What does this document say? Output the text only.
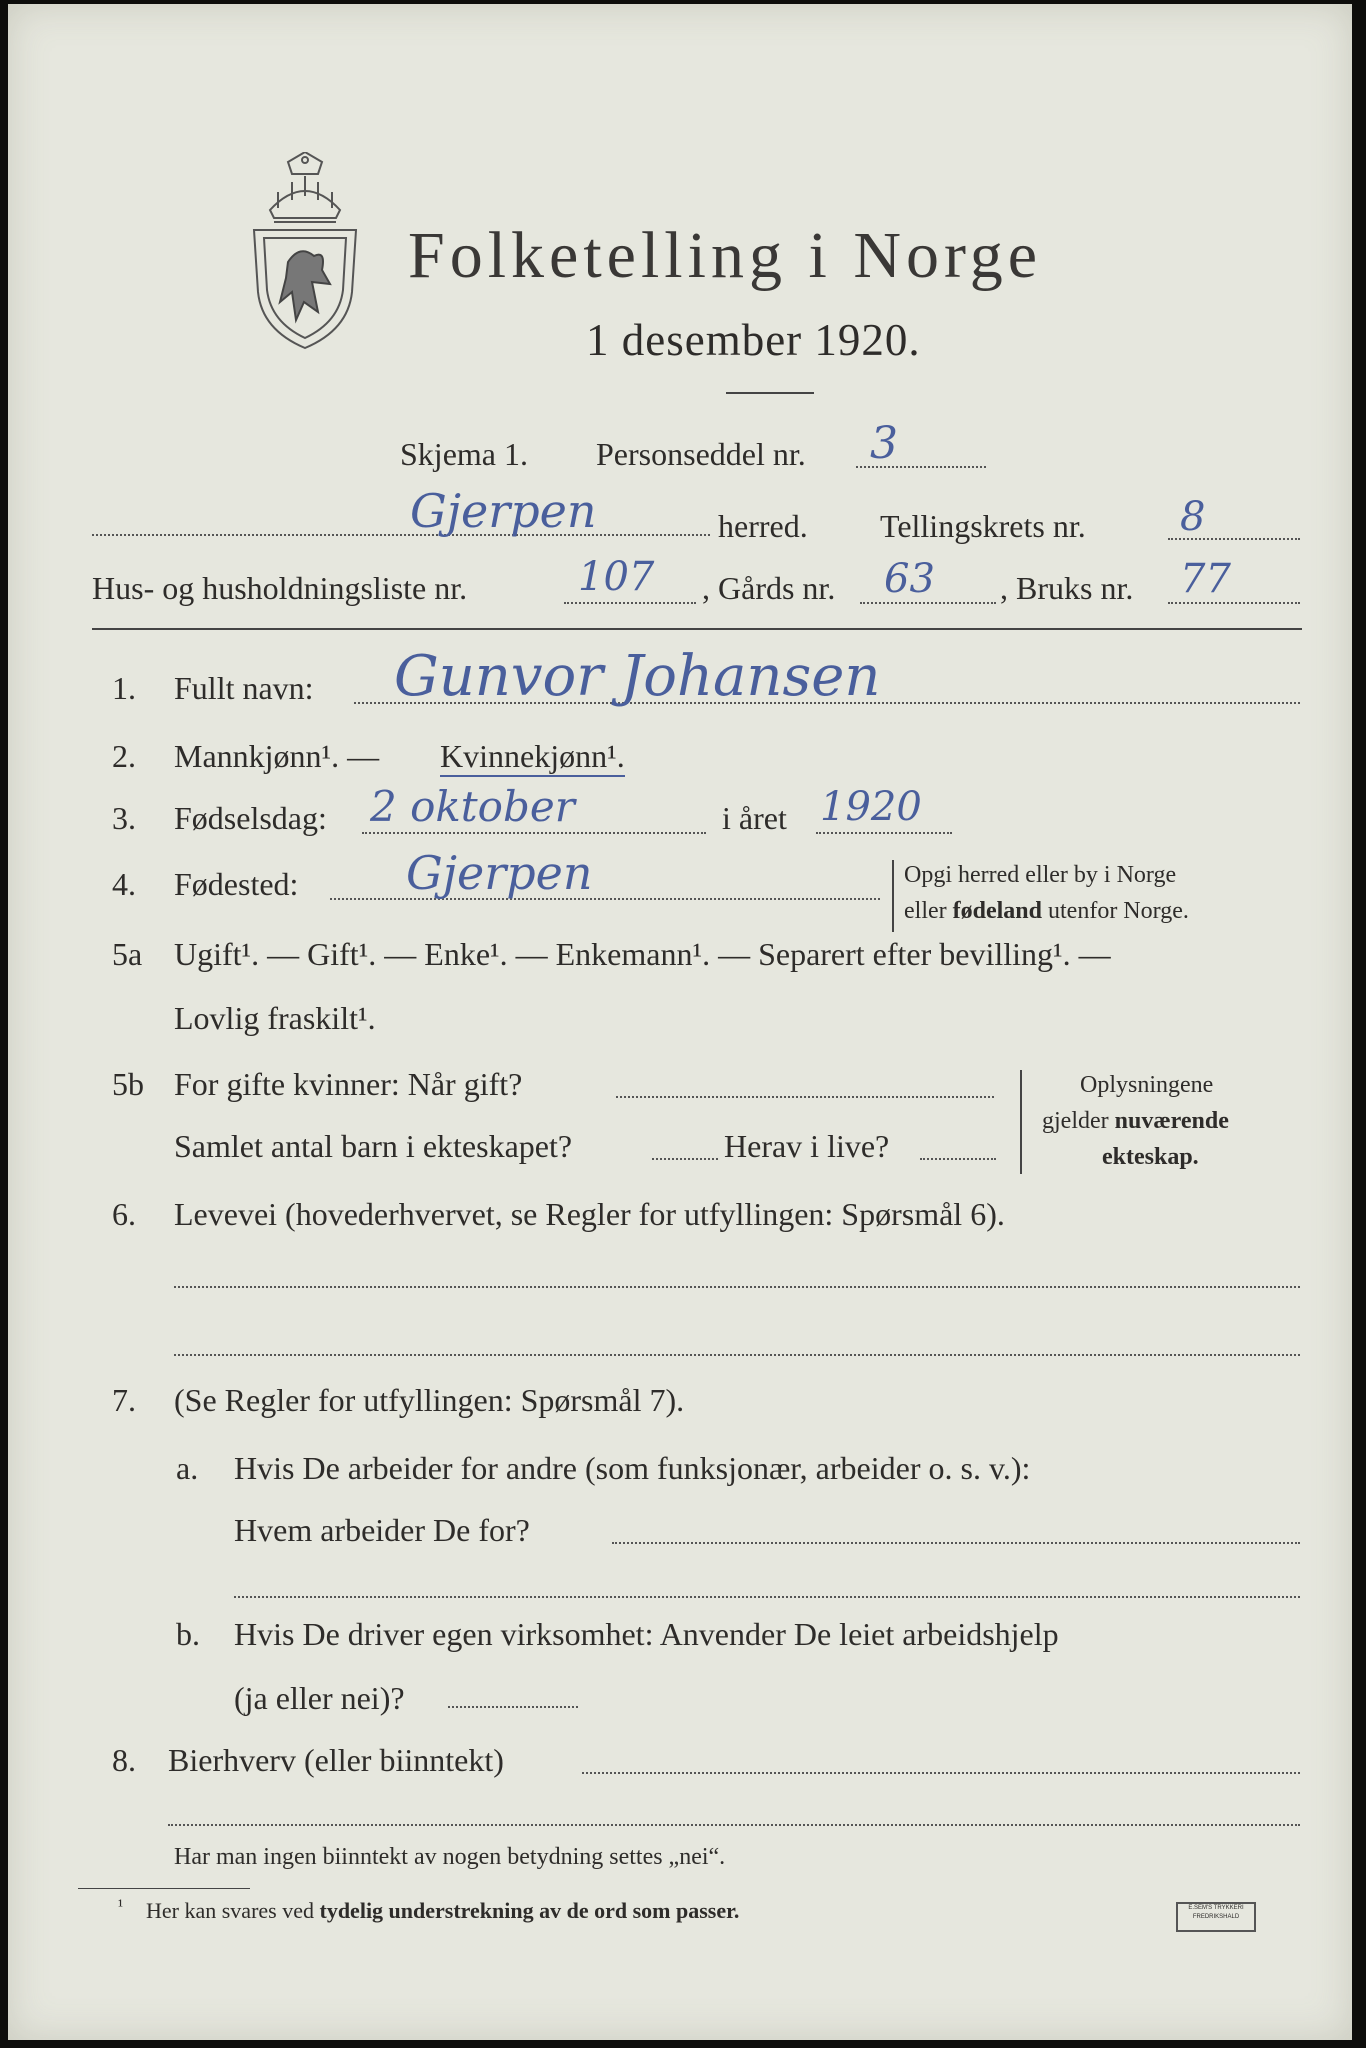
Folketelling i Norge
1 desember 1920.
Skjema 1. Personseddel nr. 3
Gjerpen	herred. Tellingskrets nr. 8
Hus- og husholdningsliste nr.	107 , Gårds nr. 63 , Bruks nr. 77
1. Fullt navn: Gunvor Johansen
2. Mannkjønn¹. — Kvinnekjønn¹.
3. Fødselsdag: 2 oktober	i året 1920
4. Fødested: Gjerpen	Opgi herred eller by i Norge
eller fødeland utenfor Norge.
5a Ugift¹. — Gift¹. — Enke¹. — Enkemann¹. — Separert efter bevilling¹. —
Lovlig fraskilt¹.
5b For gifte kvinner: Når gift?
Samlet antal barn i ekteskapet?	Herav i live?
Oplysningene
gjelder nuværende
ekteskap.
6. Levevei (hovederhvervet, se Regler for utfyllingen: Spørsmål 6).
7. (Se Regler for utfyllingen: Spørsmål 7).
a. Hvis De arbeider for andre (som funksjonær, arbeider o. s. v.):
Hvem arbeider De for?
b. Hvis De driver egen virksomhet: Anvender De leiet arbeidshjelp
(ja eller nei)?
8. Bierhverv (eller biinntekt)
Har man ingen biinntekt av nogen betydning settes „nei“.
¹ Her kan svares ved tydelig understrekning av de ord som passer.	E.SEM'S TRYKKERI
FREDRIKSHALD
